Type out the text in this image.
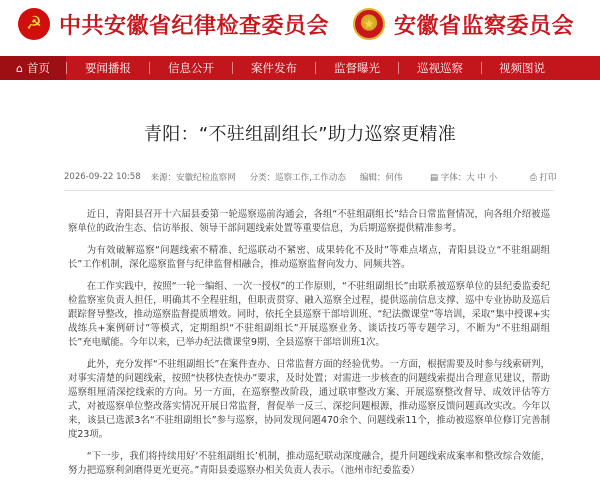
☭ 中共安徽省纪律检查委员会	★ 安徽省监察委员会
⌂ 首页	要闻播报	信息公开	案件发布	监督曝光	巡视巡察	视频图说
青阳：“不驻组副组长”助力巡察更精准
2026-09-22 10:58 来源：安徽纪检监察网 分类：巡察工作,工作动态 编辑：何伟	▤ 字体：大 中 小	⎙ 打印

近日，青阳县召开十六届县委第一轮巡察巡前沟通会，各组“不驻组副组长”结合日常监督情况，向各组介绍被巡察单位的政治生态、信访举报、领导干部问题线索处置等重要信息，为后期巡察提供精准参考。

为有效破解巡察“问题线索不精准、纪巡联动不紧密、成果转化不及时”等难点堵点，青阳县设立“不驻组副组长”工作机制，深化巡察监督与纪律监督相融合，推动巡察监督向发力、同频共答。

在工作实践中，按照“一轮一编组、一次一授权”的工作原则，“不驻组副组长”由联系被巡察单位的县纪委监委纪检监察室负责人担任，明确其不全程驻组，但职责贯穿、融入巡察全过程，提供巡前信息支撑、巡中专业协助及巡后跟踪督导整改，推动巡察监督提质增效。同时，依托全县巡察干部培训班、“纪法微课堂”等培训，采取“集中授课+实战练兵+案例研讨”等模式，定期组织“不驻组副组长”开展巡察业务、谈话技巧等专题学习，不断为“不驻组副组长”充电赋能。今年以来，已举办纪法微课堂9期、全县巡察干部培训班1次。

此外，充分发挥“不驻组副组长”在案件查办、日常监督方面的经验优势。一方面，根据需要及时参与线索研判，对事实清楚的问题线索，按照“快移快查快办”要求，及时处置；对需进一步核查的问题线索提出合理意见建议，帮助巡察组厘清深挖线索的方向。另一方面，在巡察整改阶段，通过联审整改方案、开展巡察整改督导、成效评估等方式，对被巡察单位整改落实情况开展日常监督，督促举一反三、深挖问题根源，推动巡察反馈问题真改实改。今年以来，该县已选派3名“不驻组副组长”参与巡察，协同发现问题470余个、问题线索11个，推动被巡察单位修订完善制度23项。

“下一步，我们将持续用好‘不驻组副组长’机制，推动巡纪联动深度融合，提升问题线索成案率和整改综合效能，努力把巡察利剑磨得更光更亮。”青阳县委巡察办相关负责人表示。（池州市纪委监委）
